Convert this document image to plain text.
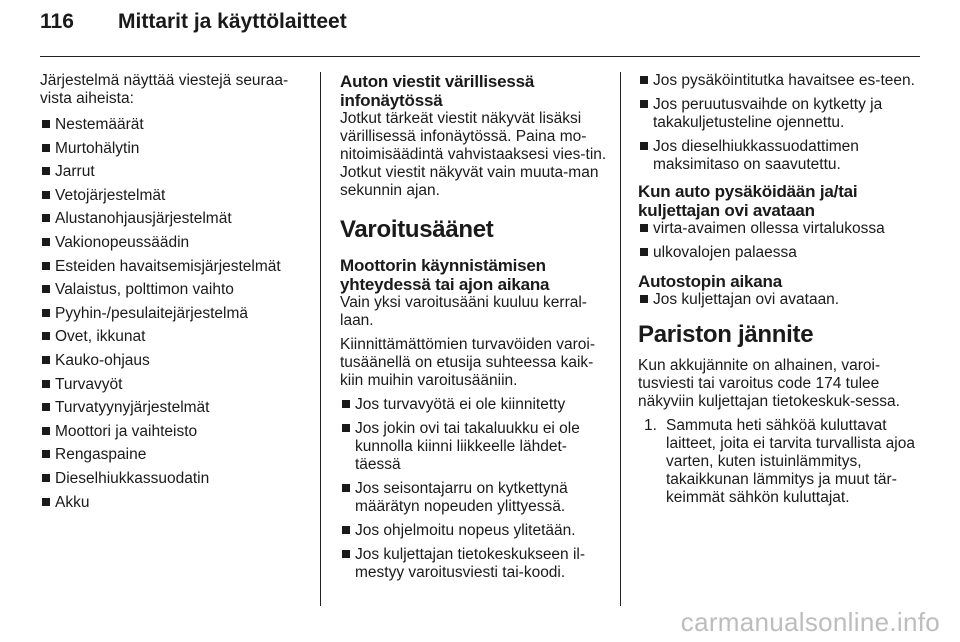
116 Mittarit ja käyttölaitteet

Järjestelmä näyttää viestejä seuraa-vista aiheista:

Nestemäärät
Murtohälytin
Jarrut
Vetojärjestelmät
Alustanohjausjärjestelmät
Vakionopeussäädin
Esteiden havaitsemisjärjestelmät
Valaistus, polttimon vaihto
Pyyhin-/pesulaitejärjestelmä
Ovet, ikkunat
Kauko-ohjaus
Turvavyöt
Turvatyynyjärjestelmät
Moottori ja vaihteisto
Rengaspaine
Dieselhiukkassuodatin
Akku
Auton viestit värillisessä infonäytössä

Jotkut tärkeät viestit näkyvät lisäksi värillisessä infonäytössä. Paina mo-nitoimisäädintä vahvistaaksesi vies-tin. Jotkut viestit näkyvät vain muuta-man sekunnin ajan.

Varoitusäänet
Moottorin käynnistämisen yhteydessä tai ajon aikana

Vain yksi varoitusääni kuuluu kerral-laan.

Kiinnittämättömien turvavöiden varoi-tusäänellä on etusija suhteessa kaik-kiin muihin varoitusääniin.

Jos turvavyötä ei ole kiinnitetty
Jos jokin ovi tai takaluukku ei ole kunnolla kiinni liikkeelle lähdet-täessä
Jos seisontajarru on kytkettynä määrätyn nopeuden ylittyessä.
Jos ohjelmoitu nopeus ylitetään.
Jos kuljettajan tietokeskukseen il-mestyy varoitusviesti tai-koodi.
Jos pysäköintitutka havaitsee es-teen.
Jos peruutusvaihde on kytketty ja takakuljetusteline ojennettu.
Jos dieselhiukkassuodattimen maksimitaso on saavutettu.
Kun auto pysäköidään ja/tai kuljettajan ovi avataan
virta-avaimen ollessa virtalukossa
ulkovalojen palaessa
Autostopin aikana
Jos kuljettajan ovi avataan.
Pariston jännite

Kun akkujännite on alhainen, varoi-tusviesti tai varoitus code 174 tulee näkyviin kuljettajan tietokeskuk-sessa.

1. Sammuta heti sähköä kuluttavat laitteet, joita ei tarvita turvallista ajoa varten, kuten istuinlämmitys, takaikkunan lämmitys ja muut tär-keimmät sähkön kuluttajat.
carmanualsonline.info
